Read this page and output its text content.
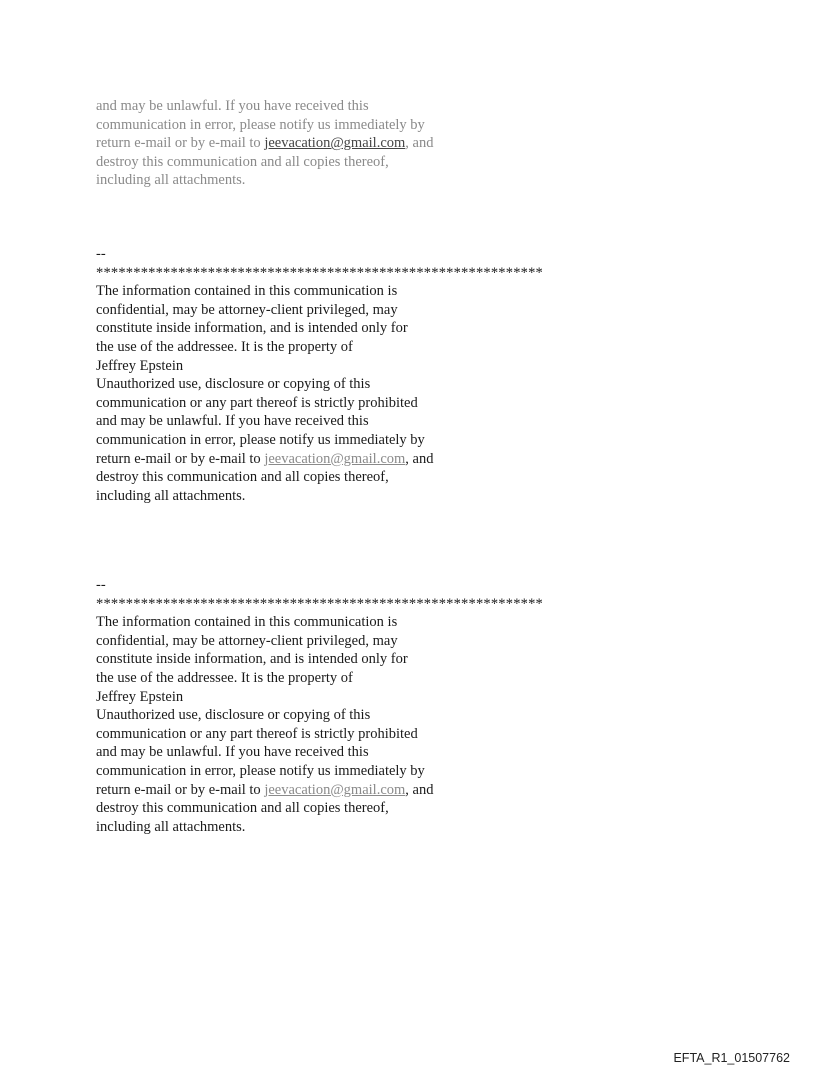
and may be unlawful. If you have received this
communication in error, please notify us immediately by
return e-mail or by e-mail to jeevacation@gmail.com, and
destroy this communication and all copies thereof,
including all attachments.
--
************************************************************
The information contained in this communication is
confidential, may be attorney-client privileged, may
constitute inside information, and is intended only for
the use of the addressee. It is the property of
Jeffrey Epstein
Unauthorized use, disclosure or copying of this
communication or any part thereof is strictly prohibited
and may be unlawful. If you have received this
communication in error, please notify us immediately by
return e-mail or by e-mail to jeevacation@gmail.com, and
destroy this communication and all copies thereof,
including all attachments.
--
************************************************************
The information contained in this communication is
confidential, may be attorney-client privileged, may
constitute inside information, and is intended only for
the use of the addressee. It is the property of
Jeffrey Epstein
Unauthorized use, disclosure or copying of this
communication or any part thereof is strictly prohibited
and may be unlawful. If you have received this
communication in error, please notify us immediately by
return e-mail or by e-mail to jeevacation@gmail.com, and
destroy this communication and all copies thereof,
including all attachments.
EFTA_R1_01507762
